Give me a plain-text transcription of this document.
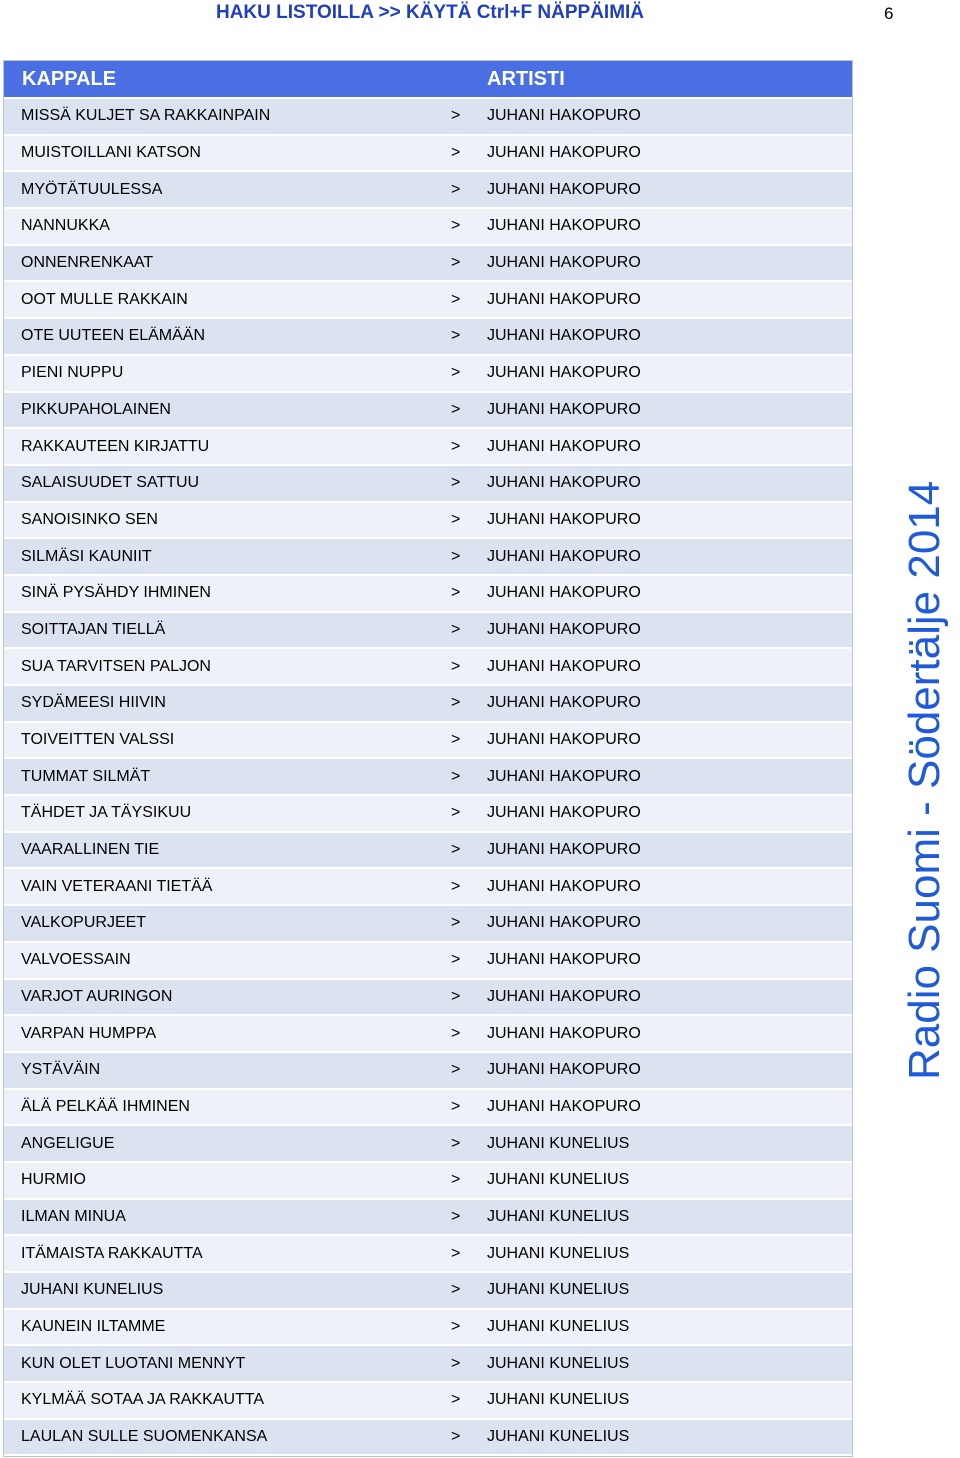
HAKU LISTOILLA >> KÄYTÄ Ctrl+F NÄPPÄIMIÄ	6
KAPPALE	ARTISTI
MISSÄ KULJET SA RAKKAINPAIN	> JUHANI HAKOPURO
MUISTOILLANI KATSON	> JUHANI HAKOPURO
MYÖTÄTUULESSA	> JUHANI HAKOPURO
NANNUKKA	> JUHANI HAKOPURO
ONNENRENKAAT	> JUHANI HAKOPURO
OOT MULLE RAKKAIN	> JUHANI HAKOPURO
OTE UUTEEN ELÄMÄÄN	> JUHANI HAKOPURO
PIENI NUPPU	> JUHANI HAKOPURO
PIKKUPAHOLAINEN	> JUHANI HAKOPURO
RAKKAUTEEN KIRJATTU	> JUHANI HAKOPURO
SALAISUUDET SATTUU	> JUHANI HAKOPURO
SANOISINKO SEN	> JUHANI HAKOPURO
SILMÄSI KAUNIIT	> JUHANI HAKOPURO
SINÄ PYSÄHDY IHMINEN	> JUHANI HAKOPURO
SOITTAJAN TIELLÄ	> JUHANI HAKOPURO
SUA TARVITSEN PALJON	> JUHANI HAKOPURO
SYDÄMEESI HIIVIN	> JUHANI HAKOPURO
TOIVEITTEN VALSSI	> JUHANI HAKOPURO
TUMMAT SILMÄT	> JUHANI HAKOPURO
TÄHDET JA TÄYSIKUU	> JUHANI HAKOPURO
VAARALLINEN TIE	> JUHANI HAKOPURO
VAIN VETERAANI TIETÄÄ	> JUHANI HAKOPURO
VALKOPURJEET	> JUHANI HAKOPURO
VALVOESSAIN	> JUHANI HAKOPURO
VARJOT AURINGON	> JUHANI HAKOPURO
VARPAN HUMPPA	> JUHANI HAKOPURO
YSTÄVÄIN	> JUHANI HAKOPURO
ÄLÄ PELKÄÄ IHMINEN	> JUHANI HAKOPURO
ANGELIGUE	> JUHANI KUNELIUS
HURMIO	> JUHANI KUNELIUS
ILMAN MINUA	> JUHANI KUNELIUS
ITÄMAISTA RAKKAUTTA	> JUHANI KUNELIUS
JUHANI KUNELIUS	> JUHANI KUNELIUS
KAUNEIN ILTAMME	> JUHANI KUNELIUS
KUN OLET LUOTANI MENNYT	> JUHANI KUNELIUS
KYLMÄÄ SOTAA JA RAKKAUTTA	> JUHANI KUNELIUS
LAULAN SULLE SUOMENKANSA	> JUHANI KUNELIUS
Radio Suomi - Södertälje 2014
